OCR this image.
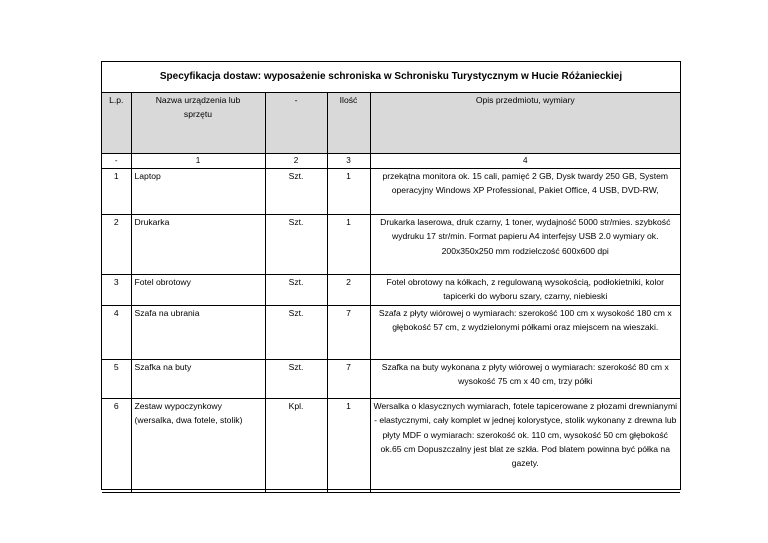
Specyfikacja dostaw: wyposażenie schroniska w Schronisku Turystycznym w Hucie Różanieckiej
L.p.	Nazwa urządzenia lub sprzętu	-	Ilość	Opis przedmiotu, wymiary
-	1	2	3	4
1	Laptop	Szt.	1	przekątna monitora ok. 15 cali, pamięć 2 GB, Dysk twardy 250 GB, System operacyjny Windows XP Professional, Pakiet Office, 4 USB, DVD-RW,
2	Drukarka	Szt.	1	Drukarka laserowa, druk czarny, 1 toner, wydajność 5000 str/mies. szybkość wydruku 17 str/min. Format papieru A4 interfejsy USB 2.0 wymiary ok. 200x350x250 mm rodzielczość 600x600 dpi
3	Fotel obrotowy	Szt.	2	Fotel obrotowy na kółkach, z regulowaną wysokością, podłokietniki, kolor tapicerki do wyboru szary, czarny, niebieski
4	Szafa na ubrania	Szt.	7	Szafa z płyty wiórowej o wymiarach: szerokość 100 cm x wysokość 180 cm x głębokość 57 cm, z wydzielonymi półkami oraz miejscem na wieszaki.
5	Szafka na buty	Szt.	7	Szafka na buty wykonana z płyty wiórowej o wymiarach: szerokość 80 cm x wysokość 75 cm x 40 cm, trzy półki
6	Zestaw wypoczynkowy
(wersalka, dwa fotele, stolik)	Kpl.	1	Wersalka o klasycznych wymiarach, fotele tapicerowane z płozami drewnianymi - elastycznymi, cały komplet w jednej kolorystyce, stolik wykonany z drewna lub płyty MDF o wymiarach: szerokość ok. 110 cm, wysokość 50 cm głębokość ok.65 cm Dopuszczalny jest blat ze szkła. Pod blatem powinna być półka na gazety.
